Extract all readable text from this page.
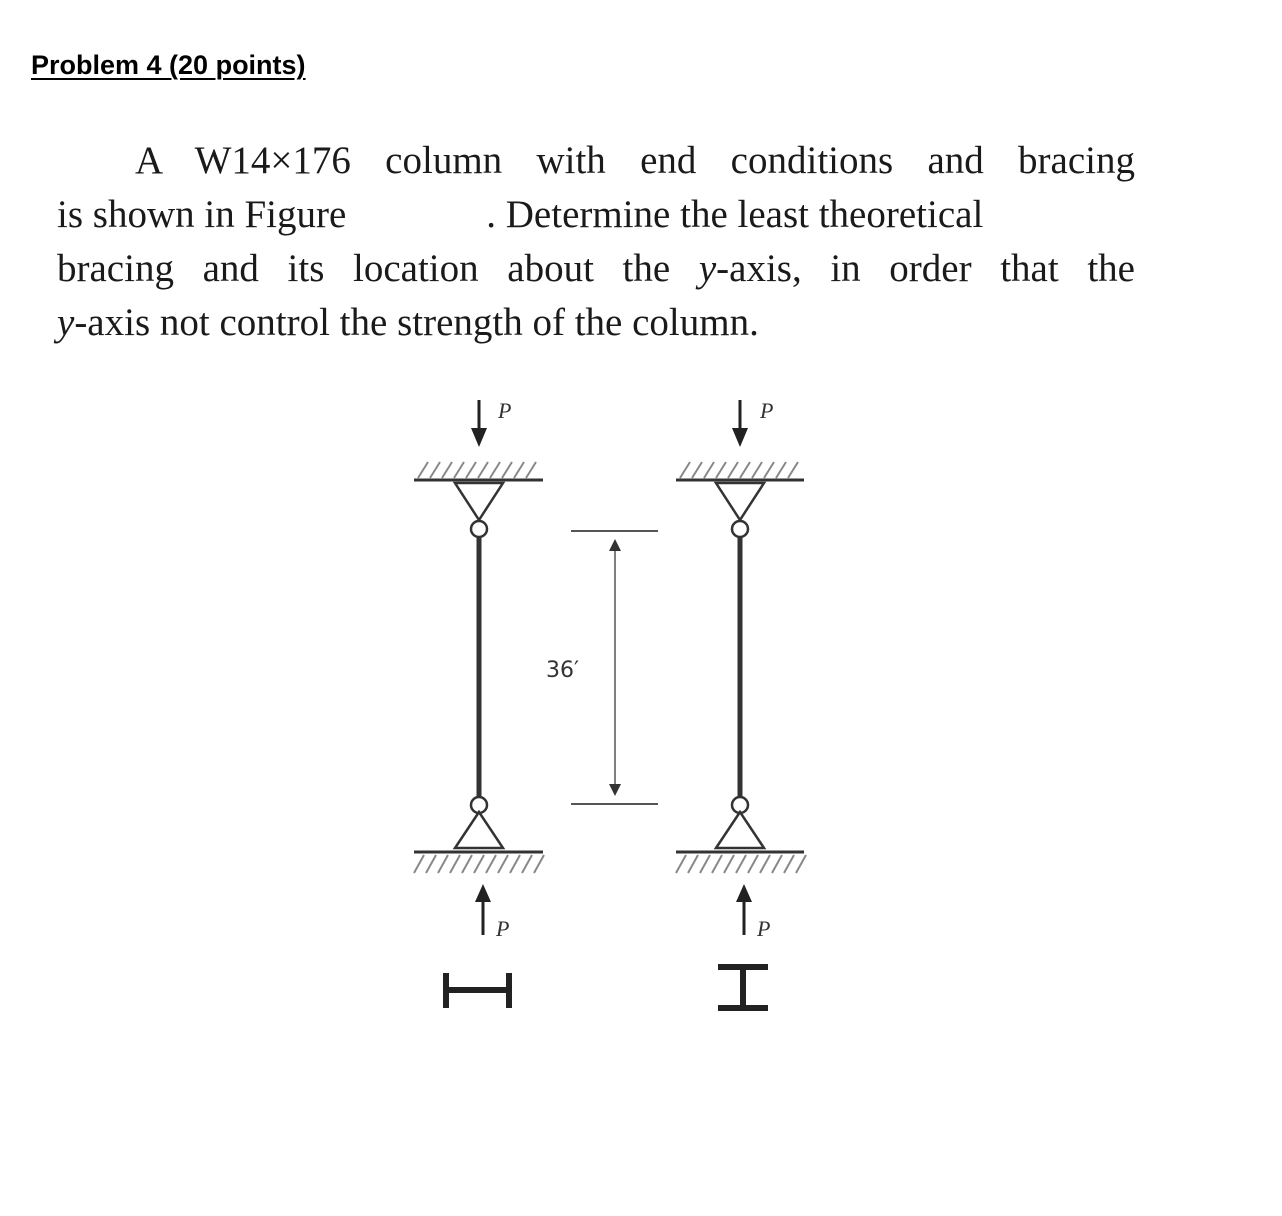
Problem 4 (20 points)
A W14×176 column with end conditions and bracing
is shown in Figure	. Determine the least theoretical
bracing and its location about the y-axis, in order that the
y-axis not control the strength of the column.
P
P
36′
P
P
